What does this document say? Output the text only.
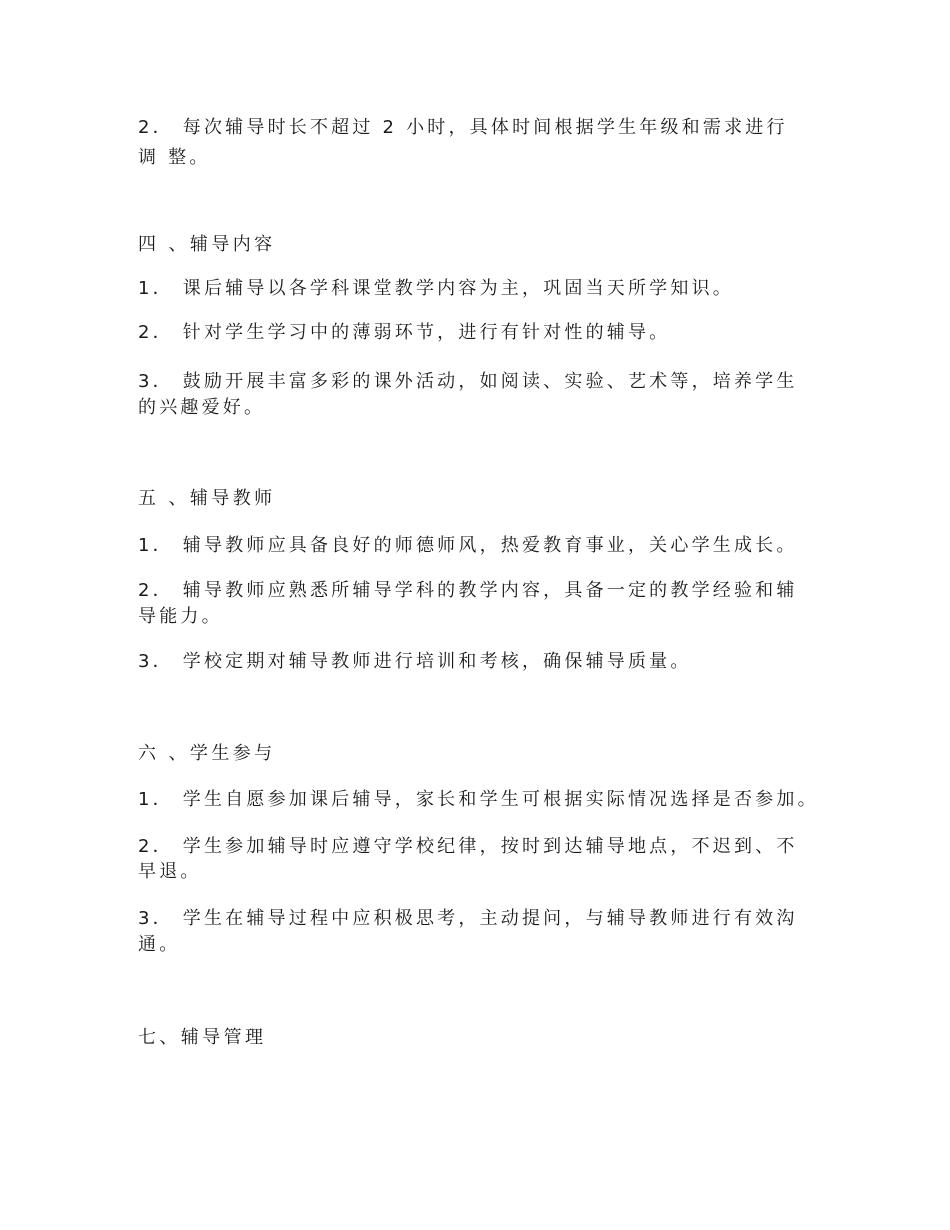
2． 每次辅导时长不超过 2 小时，具体时间根据学生年级和需求进行
调 整。
四 、辅导内容
1． 课后辅导以各学科课堂教学内容为主，巩固当天所学知识。
2． 针对学生学习中的薄弱环节，进行有针对性的辅导。
3． 鼓励开展丰富多彩的课外活动，如阅读、实验、艺术等，培养学生
的兴趣爱好。
五 、辅导教师
1． 辅导教师应具备良好的师德师风，热爱教育事业，关心学生成长。
2． 辅导教师应熟悉所辅导学科的教学内容，具备一定的教学经验和辅
导能力。
3． 学校定期对辅导教师进行培训和考核，确保辅导质量。
六 、学生参与
1． 学生自愿参加课后辅导，家长和学生可根据实际情况选择是否参加。
2． 学生参加辅导时应遵守学校纪律，按时到达辅导地点，不迟到、不
早退。
3． 学生在辅导过程中应积极思考，主动提问，与辅导教师进行有效沟
通。
七、辅导管理
